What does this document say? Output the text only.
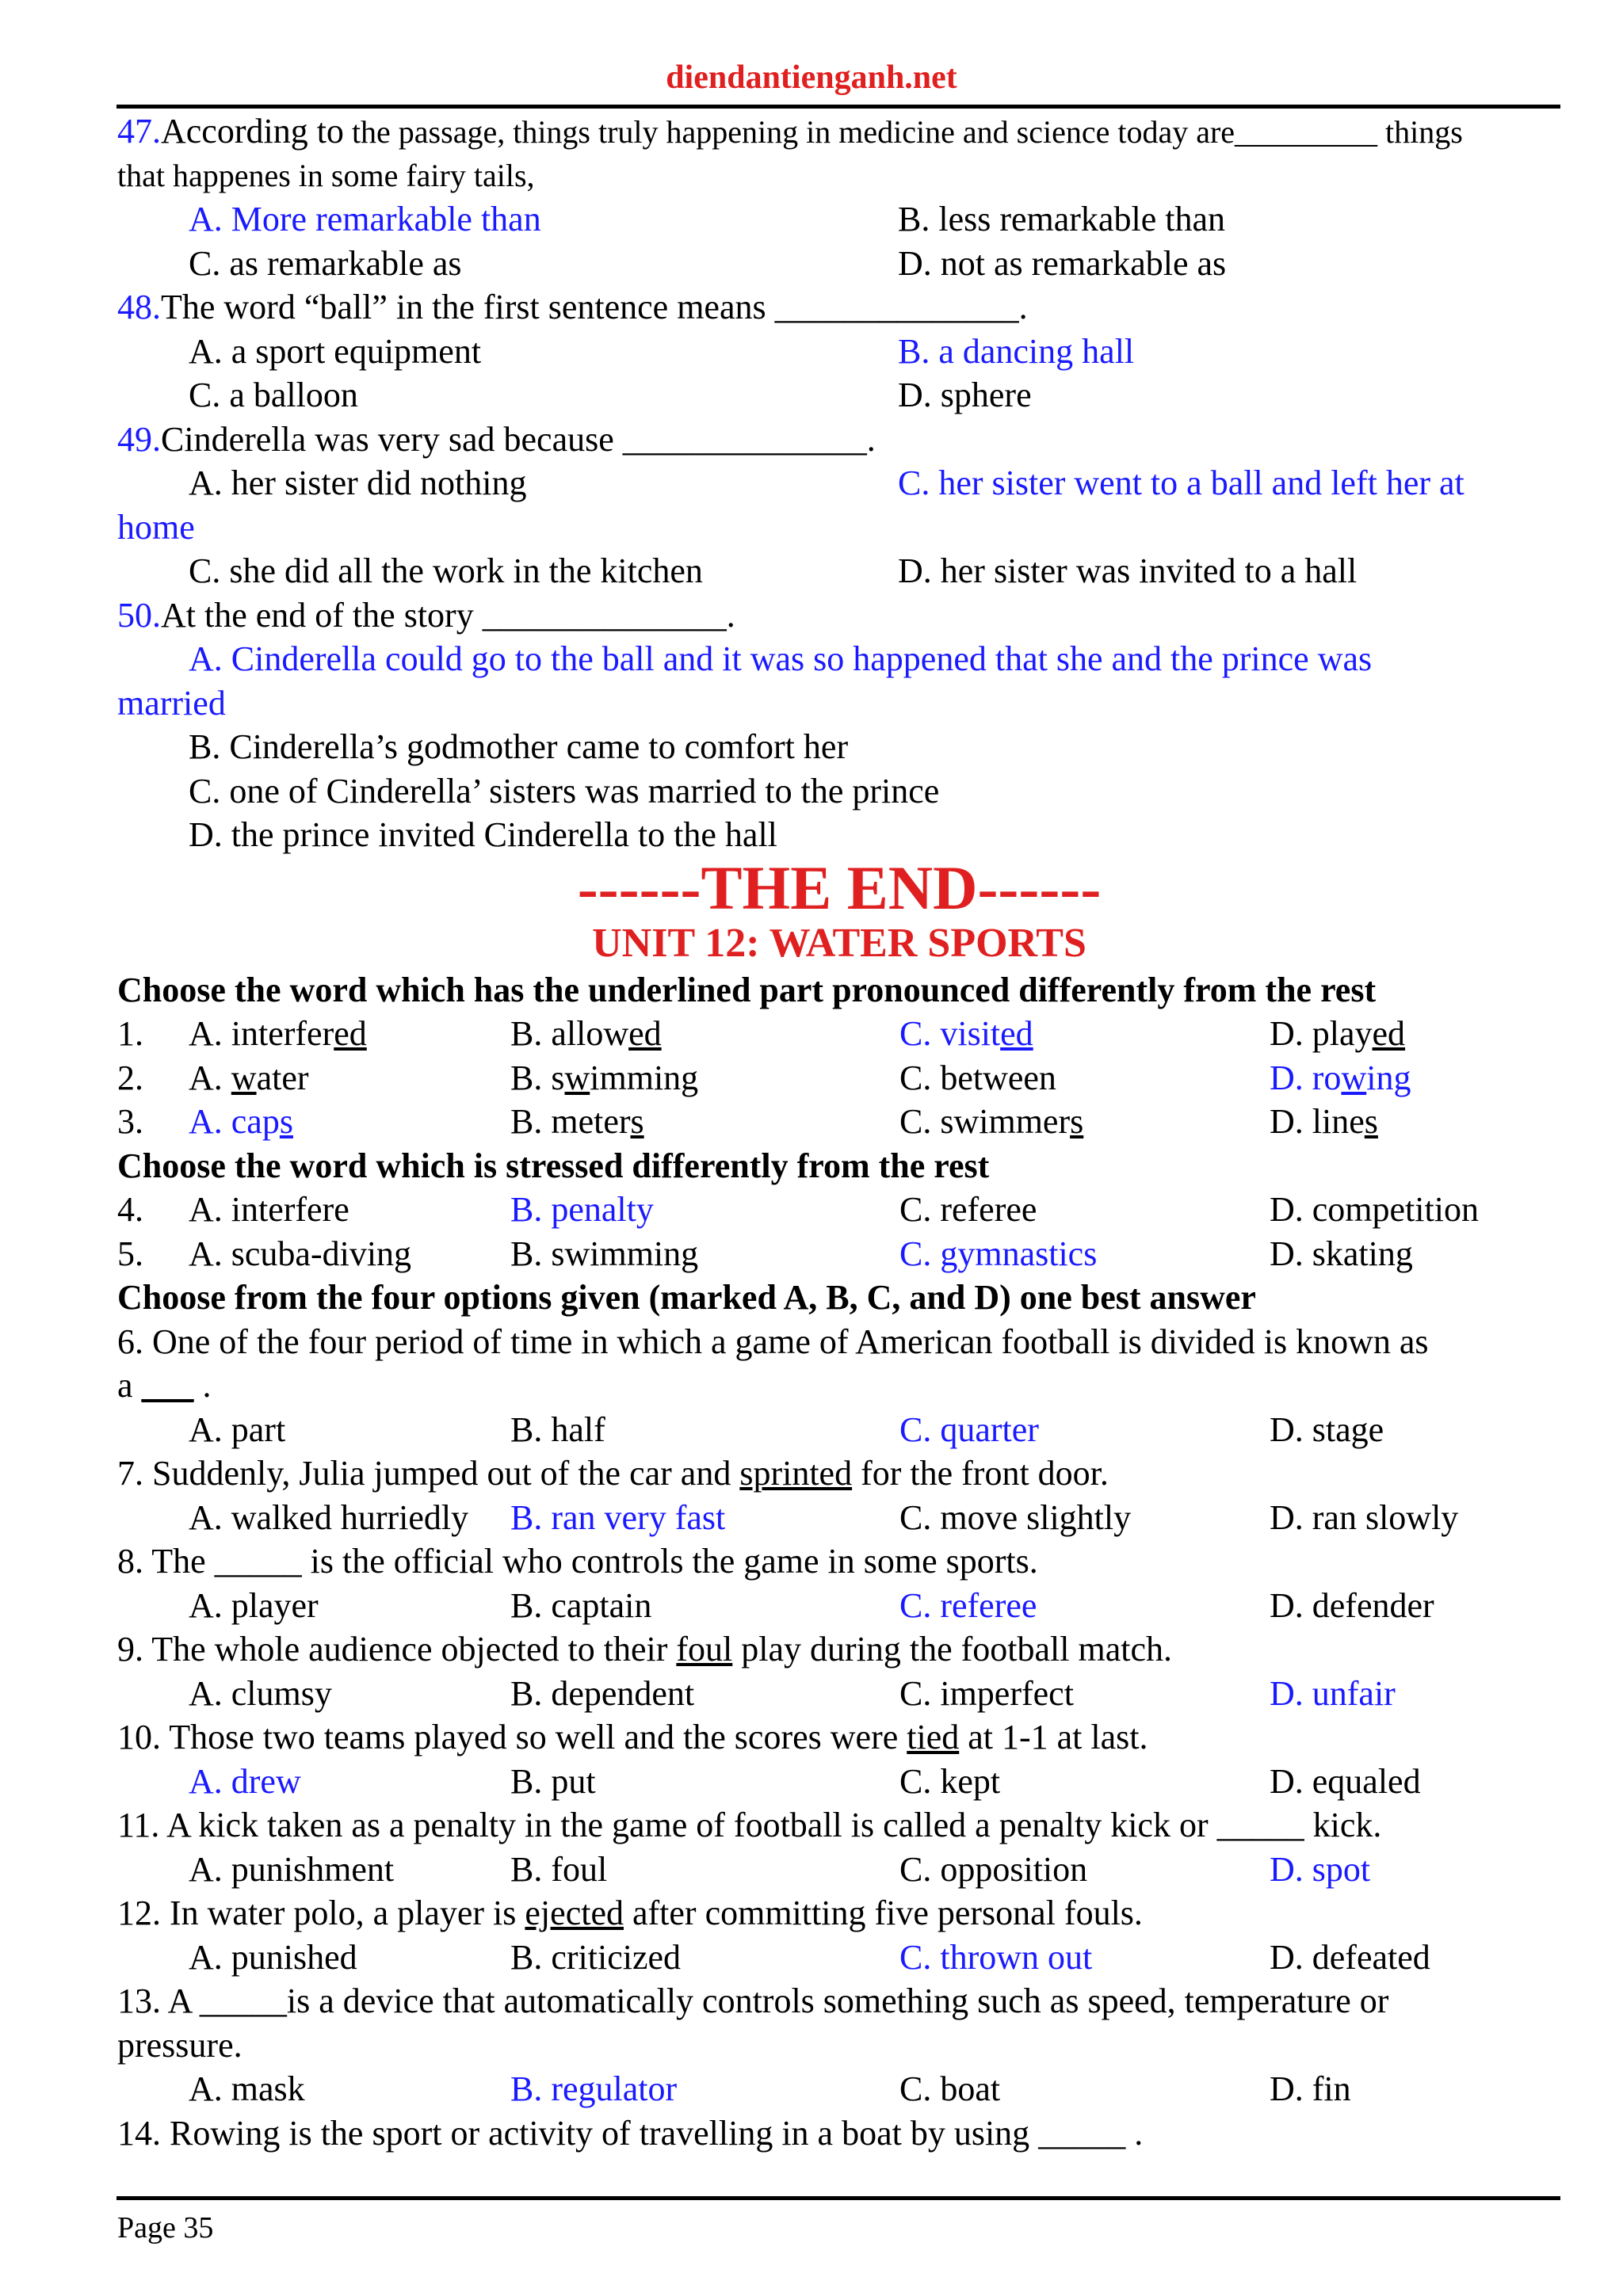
diendantienganh.net
47.According to the passage, things truly happening in medicine and science today are_________ things
that happenes in some fairy tails,
A. More remarkable than	B. less remarkable than
C. as remarkable as	D. not as remarkable as
48.The word “ball” in the first sentence means ______________.
A. a sport equipment	B. a dancing hall
C. a balloon	D. sphere
49.Cinderella was very sad because ______________.
A. her sister did nothing	C. her sister went to a ball and left her at
home
C. she did all the work in the kitchen	D. her sister was invited to a hall
50.At the end of the story ______________.
A. Cinderella could go to the ball and it was so happened that she and the prince was
married
B. Cinderella’s godmother came to comfort her
C. one of Cinderella’ sisters was married to the prince
D. the prince invited Cinderella to the hall
------THE END------
UNIT 12: WATER SPORTS
Choose the word which has the underlined part pronounced differently from the rest
1. A. interfered	B. allowed	C. visited	D. played
2. A. water	B. swimming	C. between	D. rowing
3. A. caps	B. meters	C. swimmers	D. lines
Choose the word which is stressed differently from the rest
4. A. interfere	B. penalty	C. referee	D. competition
5. A. scuba-diving	B. swimming	C. gymnastics	D. skating
Choose from the four options given (marked A, B, C, and D) one best answer
6. One of the four period of time in which a game of American football is divided is known as
a ___ .
A. part	B. half	C. quarter	D. stage
7. Suddenly, Julia jumped out of the car and sprinted for the front door.
A. walked hurriedly B. ran very fast	C. move slightly	D. ran slowly
8. The _____ is the official who controls the game in some sports.
A. player	B. captain	C. referee	D. defender
9. The whole audience objected to their foul play during the football match.
A. clumsy	B. dependent	C. imperfect	D. unfair
10. Those two teams played so well and the scores were tied at 1-1 at last.
A. drew	B. put	C. kept	D. equaled
11. A kick taken as a penalty in the game of football is called a penalty kick or _____ kick.
A. punishment	B. foul	C. opposition	D. spot
12. In water polo, a player is ejected after committing five personal fouls.
A. punished	B. criticized	C. thrown out	D. defeated
13. A _____is a device that automatically controls something such as speed, temperature or
pressure.
A. mask	B. regulator	C. boat	D. fin
14. Rowing is the sport or activity of travelling in a boat by using _____ .
Page 35
